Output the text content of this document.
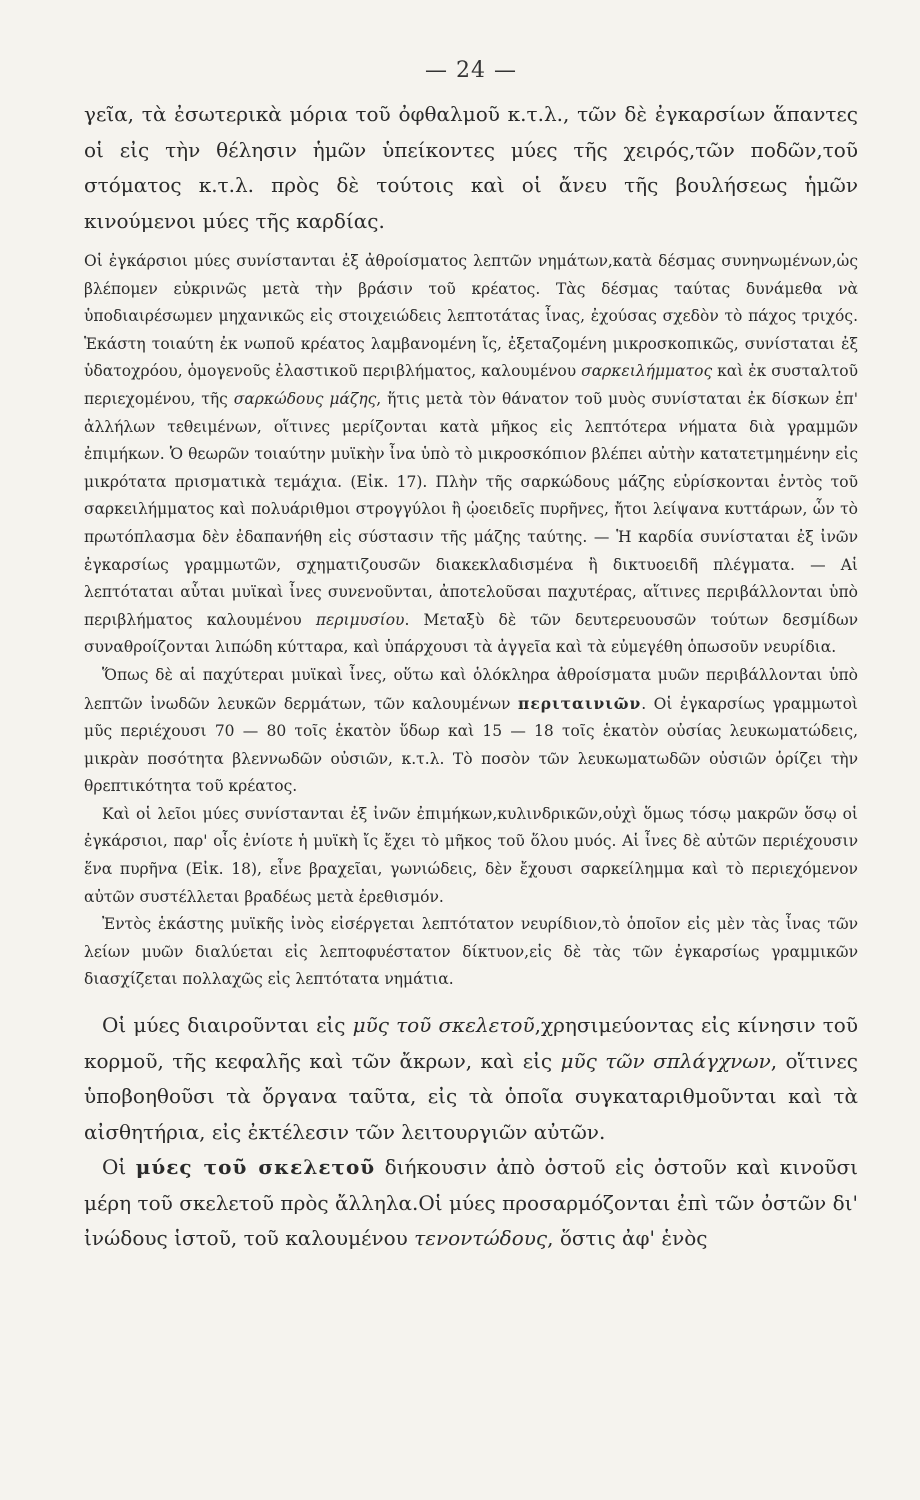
— 24 —

γεῖα, τὰ ἐσωτερικὰ μόρια τοῦ ὀφθαλμοῦ κ.τ.λ., τῶν δὲ ἐγκαρσίων ἅπαντες οἱ εἰς τὴν θέλησιν ἡμῶν ὑπείκοντες μύες τῆς χειρός,τῶν ποδῶν,τοῦ στόματος κ.τ.λ. πρὸς δὲ τούτοις καὶ οἱ ἄνευ τῆς βουλήσεως ἡμῶν κινούμενοι μύες τῆς καρδίας.

Οἱ ἐγκάρσιοι μύες συνίστανται ἐξ ἀθροίσματος λεπτῶν νημάτων,κατὰ δέσμας συνηνωμένων,ὡς βλέπομεν εὐκρινῶς μετὰ τὴν βράσιν τοῦ κρέατος. Τὰς δέσμας ταύτας δυνάμεθα νὰ ὑποδιαιρέσωμεν μηχανικῶς εἰς στοιχειώδεις λεπτοτάτας ἶνας, ἐχούσας σχεδὸν τὸ πάχος τριχός. Ἑκάστη τοιαύτη ἐκ νωποῦ κρέατος λαμβανομένη ἴς, ἐξεταζομένη μικροσκοπικῶς, συνίσταται ἐξ ὑδατοχρόου, ὁμογενοῦς ἐλαστικοῦ περιβλήματος, καλουμένου σαρκειλήμματος καὶ ἐκ συσταλτοῦ περιεχομένου, τῆς σαρκώδους μάζης, ἥτις μετὰ τὸν θάνατον τοῦ μυὸς συνίσταται ἐκ δίσκων ἐπ' ἀλλήλων τεθειμένων, οἵτινες μερίζονται κατὰ μῆκος εἰς λεπτότερα νήματα διὰ γραμμῶν ἐπιμήκων. Ὁ θεωρῶν τοιαύτην μυϊκὴν ἶνα ὑπὸ τὸ μικροσκόπιον βλέπει αὐτὴν κατατετμημένην εἰς μικρότατα πρισματικὰ τεμάχια. (Εἰκ. 17). Πλὴν τῆς σαρκώδους μάζης εὑρίσκονται ἐντὸς τοῦ σαρκειλήμματος καὶ πολυάριθμοι στρογγύλοι ἢ ᾠοειδεῖς πυρῆνες, ἤτοι λείψανα κυττάρων, ὧν τὸ πρωτόπλασμα δὲν ἐδαπανήθη εἰς σύστασιν τῆς μάζης ταύτης. — Ἡ καρδία συνίσταται ἐξ ἰνῶν ἐγκαρσίως γραμμωτῶν, σχηματιζουσῶν διακεκλαδισμένα ἢ δικτυοειδῆ πλέγματα. — Αἱ λεπτόταται αὗται μυϊκαὶ ἶνες συνενοῦνται, ἀποτελοῦσαι παχυτέρας, αἵτινες περιβάλλονται ὑπὸ περιβλήματος καλουμένου περιμυσίου. Μεταξὺ δὲ τῶν δευτερευουσῶν τούτων δεσμίδων συναθροίζονται λιπώδη κύτταρα, καὶ ὑπάρχουσι τὰ ἀγγεῖα καὶ τὰ εὐμεγέθη ὁπωσοῦν νευρίδια.

Ὅπως δὲ αἱ παχύτεραι μυϊκαὶ ἶνες, οὕτω καὶ ὁλόκληρα ἀθροίσματα μυῶν περιβάλλονται ὑπὸ λεπτῶν ἰνωδῶν λευκῶν δερμάτων, τῶν καλουμένων περιταινιῶν. Οἱ ἐγκαρσίως γραμμωτοὶ μῦς περιέχουσι 70 — 80 τοῖς ἑκατὸν ὕδωρ καὶ 15 — 18 τοῖς ἑκατὸν οὐσίας λευκωματώδεις, μικρὰν ποσότητα βλεννωδῶν οὐσιῶν, κ.τ.λ. Τὸ ποσὸν τῶν λευκωματωδῶν οὐσιῶν ὁρίζει τὴν θρεπτικότητα τοῦ κρέατος.

Καὶ οἱ λεῖοι μύες συνίστανται ἐξ ἰνῶν ἐπιμήκων,κυλινδρικῶν,οὐχὶ ὅμως τόσῳ μακρῶν ὅσῳ οἱ ἐγκάρσιοι, παρ' οἷς ἐνίοτε ἡ μυϊκὴ ἴς ἔχει τὸ μῆκος τοῦ ὅλου μυός. Αἱ ἶνες δὲ αὐτῶν περιέχουσιν ἕνα πυρῆνα (Εἰκ. 18), εἶνε βραχεῖαι, γωνιώδεις, δὲν ἔχουσι σαρκείλημμα καὶ τὸ περιεχόμενον αὐτῶν συστέλλεται βραδέως μετὰ ἐρεθισμόν.

Ἐντὸς ἑκάστης μυϊκῆς ἰνὸς εἰσέργεται λεπτότατον νευρίδιον,τὸ ὁποῖον εἰς μὲν τὰς ἶνας τῶν λείων μυῶν διαλύεται εἰς λεπτοφυέστατον δίκτυον,εἰς δὲ τὰς τῶν ἐγκαρσίως γραμμικῶν διασχίζεται πολλαχῶς εἰς λεπτότατα νημάτια.

Οἱ μύες διαιροῦνται εἰς μῦς τοῦ σκελετοῦ,χρησιμεύοντας εἰς κίνησιν τοῦ κορμοῦ, τῆς κεφαλῆς καὶ τῶν ἄκρων, καὶ εἰς μῦς τῶν σπλάγχνων, οἵτινες ὑποβοηθοῦσι τὰ ὄργανα ταῦτα, εἰς τὰ ὁποῖα συγκαταριθμοῦνται καὶ τὰ αἰσθητήρια, εἰς ἐκτέλεσιν τῶν λειτουργιῶν αὐτῶν.

Οἱ μύες τοῦ σκελετοῦ διήκουσιν ἀπὸ ὀστοῦ εἰς ὀστοῦν καὶ κινοῦσι μέρη τοῦ σκελετοῦ πρὸς ἄλληλα.Οἱ μύες προσαρμόζονται ἐπὶ τῶν ὀστῶν δι' ἰνώδους ἱστοῦ, τοῦ καλουμένου τενοντώδους, ὅστις ἀφ' ἑνὸς
